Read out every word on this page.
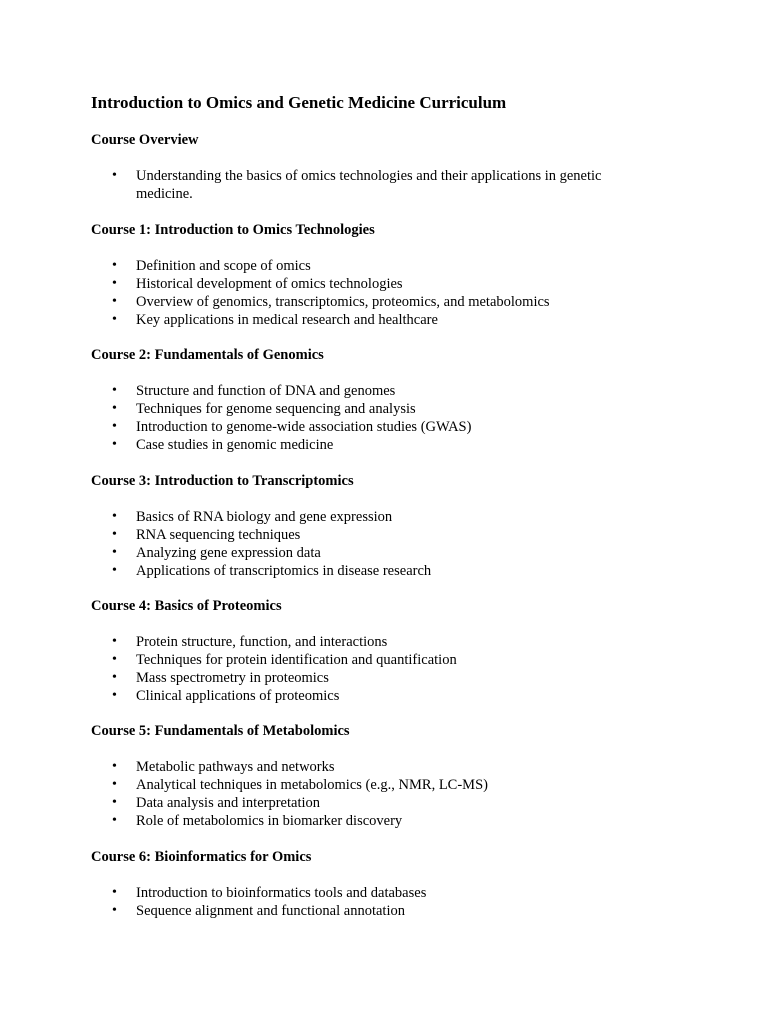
Introduction to Omics and Genetic Medicine Curriculum
Course Overview
• Understanding the basics of omics technologies and their applications in genetic medicine.
Course 1: Introduction to Omics Technologies
• Definition and scope of omics
• Historical development of omics technologies
• Overview of genomics, transcriptomics, proteomics, and metabolomics
• Key applications in medical research and healthcare
Course 2: Fundamentals of Genomics
• Structure and function of DNA and genomes
• Techniques for genome sequencing and analysis
• Introduction to genome-wide association studies (GWAS)
• Case studies in genomic medicine
Course 3: Introduction to Transcriptomics
• Basics of RNA biology and gene expression
• RNA sequencing techniques
• Analyzing gene expression data
• Applications of transcriptomics in disease research
Course 4: Basics of Proteomics
• Protein structure, function, and interactions
• Techniques for protein identification and quantification
• Mass spectrometry in proteomics
• Clinical applications of proteomics
Course 5: Fundamentals of Metabolomics
• Metabolic pathways and networks
• Analytical techniques in metabolomics (e.g., NMR, LC-MS)
• Data analysis and interpretation
• Role of metabolomics in biomarker discovery
Course 6: Bioinformatics for Omics
• Introduction to bioinformatics tools and databases
• Sequence alignment and functional annotation
